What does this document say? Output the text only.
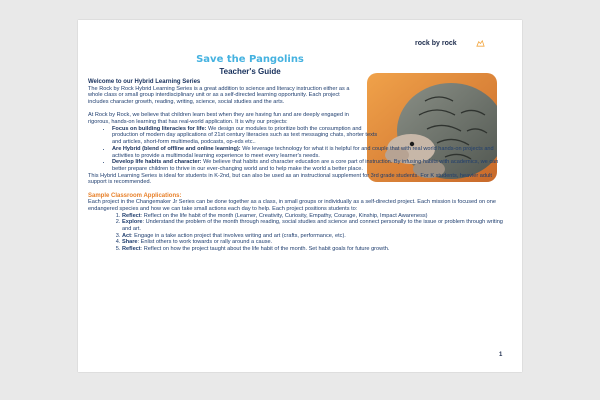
Save the Pangolins
Teacher's Guide
rock by rock

Welcome to our Hybrid Learning Series

The Rock by Rock Hybrid Learning Series is a great addition to science and literacy instruction either as a whole class or small group interdisciplinary unit or as a self-directed learning opportunity. Each project includes character growth, reading, writing, science, social studies and the arts.

At Rock by Rock, we believe that children learn best when they are having fun and are deeply engaged in rigorous, hands-on learning that has real-world application. It is why our projects:

• Focus on building literacies for life: We design our modules to prioritize both the consumption and production of modern day applications of 21st century literacies such as text messaging chats, shorter texts and articles, short-form multimedia, podcasts, op-eds etc..
• Are Hybrid (blend of offline and online learning): We leverage technology for what it is helpful for and couple that with real world hands-on projects and activities to provide a multimodal learning experience to meet every learner's needs.
• Develop life habits and character: We believe that habits and character education are a core part of instruction. By infusing habits with academics, we can better prepare children to thrive in our ever-changing world and to help make the world a better place.

This Hybrid Learning Series is ideal for students in K-2nd, but can also be used as an instructional supplement for 3rd grade students. For K students, heavier adult support is recommended.

Sample Classroom Applications:

Each project in the Changemaker Jr Series can be done together as a class, in small groups or individually as a self-directed project. Each mission is focused on one endangered species and how we can take small actions each day to help. Each project positions students to:

1. Reflect: Reflect on the life habit of the month (Learner, Creativity, Curiosity, Empathy, Courage, Kinship, Impact Awareness)
2. Explore: Understand the problem of the month through reading, social studies and science and connect personally to the issue or problem through writing and art.
3. Act: Engage in a take action project that involves writing and art (crafts, performance, etc).
4. Share: Enlist others to work towards or rally around a cause.
5. Reflect: Reflect on how the project taught about the life habit of the month. Set habit goals for future growth.
1
